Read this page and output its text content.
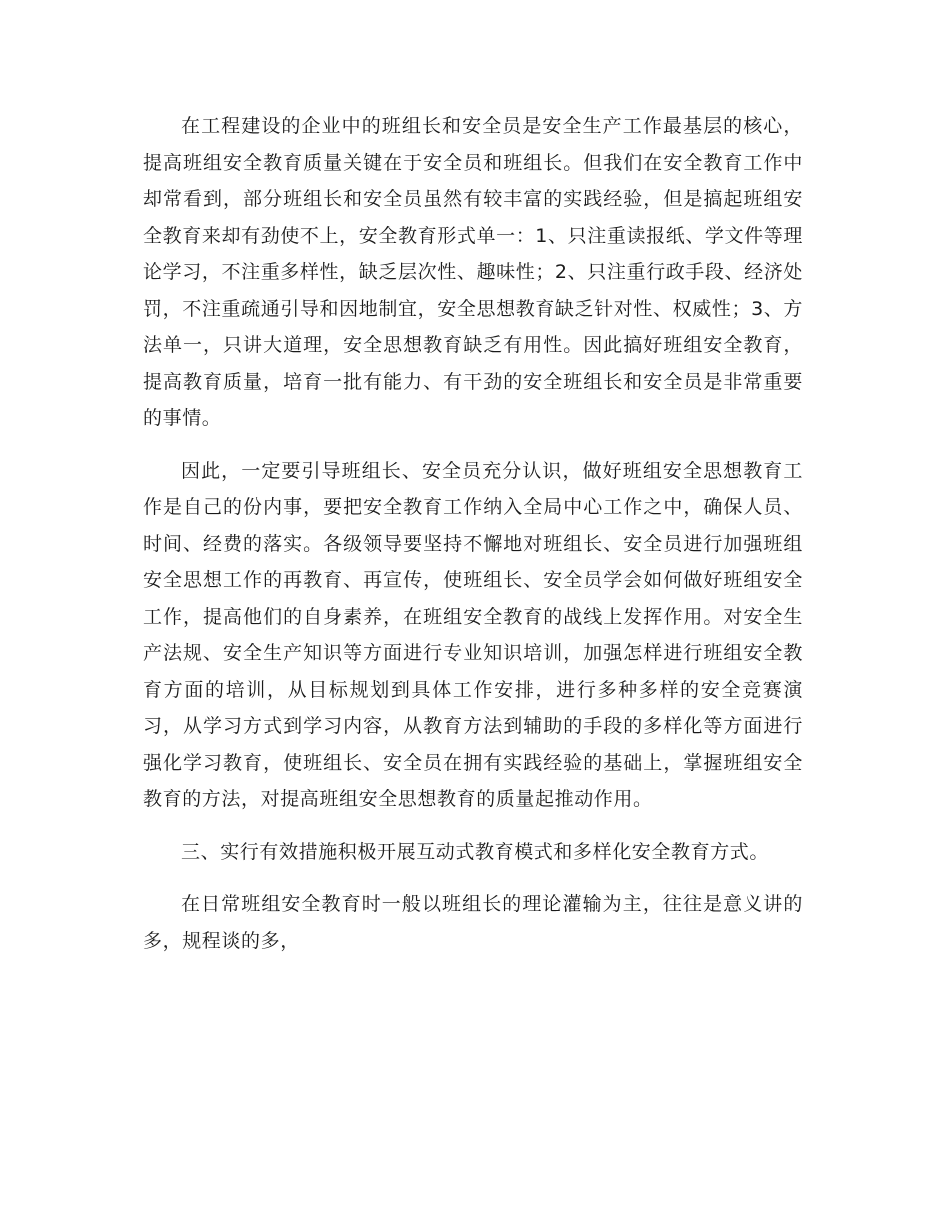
在工程建设的企业中的班组长和安全员是安全生产工作最基层的核心，提高班组安全教育质量关键在于安全员和班组长。但我们在安全教育工作中却常看到，部分班组长和安全员虽然有较丰富的实践经验，但是搞起班组安全教育来却有劲使不上，安全教育形式单一：1、只注重读报纸、学文件等理论学习，不注重多样性，缺乏层次性、趣味性；2、只注重行政手段、经济处罚，不注重疏通引导和因地制宜，安全思想教育缺乏针对性、权威性；3、方法单一，只讲大道理，安全思想教育缺乏有用性。因此搞好班组安全教育，提高教育质量，培育一批有能力、有干劲的安全班组长和安全员是非常重要的事情。

因此，一定要引导班组长、安全员充分认识，做好班组安全思想教育工作是自己的份内事，要把安全教育工作纳入全局中心工作之中，确保人员、时间、经费的落实。各级领导要坚持不懈地对班组长、安全员进行加强班组安全思想工作的再教育、再宣传，使班组长、安全员学会如何做好班组安全工作，提高他们的自身素养，在班组安全教育的战线上发挥作用。对安全生产法规、安全生产知识等方面进行专业知识培训，加强怎样进行班组安全教育方面的培训，从目标规划到具体工作安排，进行多种多样的安全竞赛演习，从学习方式到学习内容，从教育方法到辅助的手段的多样化等方面进行强化学习教育，使班组长、安全员在拥有实践经验的基础上，掌握班组安全教育的方法，对提高班组安全思想教育的质量起推动作用。

三、实行有效措施积极开展互动式教育模式和多样化安全教育方式。

在日常班组安全教育时一般以班组长的理论灌输为主，往往是意义讲的多，规程谈的多，
